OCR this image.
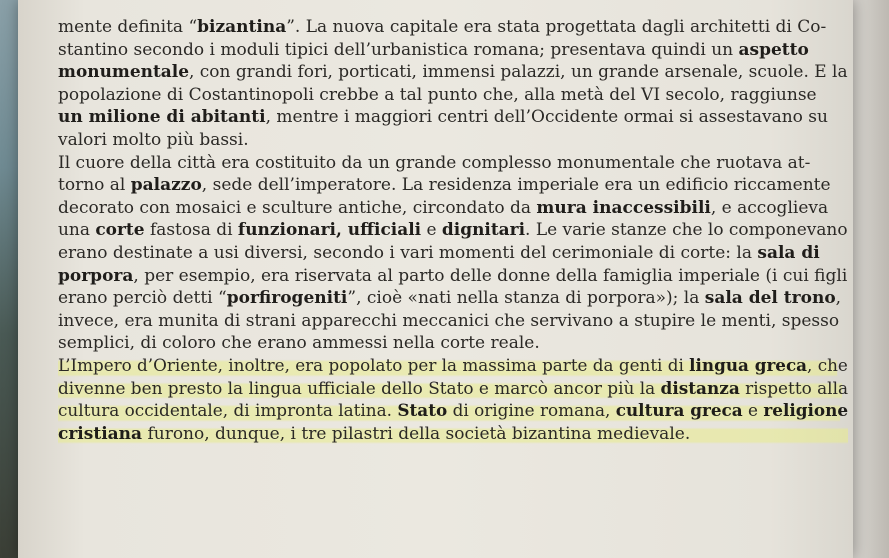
mente definita “bizantina”. La nuova capitale era stata progettata dagli architetti di Co-
stantino secondo i moduli tipici dell’urbanistica romana; presentava quindi un aspetto
monumentale, con grandi fori, porticati, immensi palazzi, un grande arsenale, scuole. E la
popolazione di Costantinopoli crebbe a tal punto che, alla metà del VI secolo, raggiunse
un milione di abitanti, mentre i maggiori centri dell’Occidente ormai si assestavano su
valori molto più bassi.
Il cuore della città era costituito da un grande complesso monumentale che ruotava at-
torno al palazzo, sede dell’imperatore. La residenza imperiale era un edificio riccamente
decorato con mosaici e sculture antiche, circondato da mura inaccessibili, e accoglieva
una corte fastosa di funzionari, ufficiali e dignitari. Le varie stanze che lo componevano
erano destinate a usi diversi, secondo i vari momenti del cerimoniale di corte: la sala di
porpora, per esempio, era riservata al parto delle donne della famiglia imperiale (i cui figli
erano perciò detti “porfirogeniti”, cioè «nati nella stanza di porpora»); la sala del trono,
invece, era munita di strani apparecchi meccanici che servivano a stupire le menti, spesso
semplici, di coloro che erano ammessi nella corte reale.
L’Impero d’Oriente, inoltre, era popolato per la massima parte da genti di lingua greca, che
divenne ben presto la lingua ufficiale dello Stato e marcò ancor più la distanza rispetto alla
cultura occidentale, di impronta latina. Stato di origine romana, cultura greca e religione
cristiana furono, dunque, i tre pilastri della società bizantina medievale.
